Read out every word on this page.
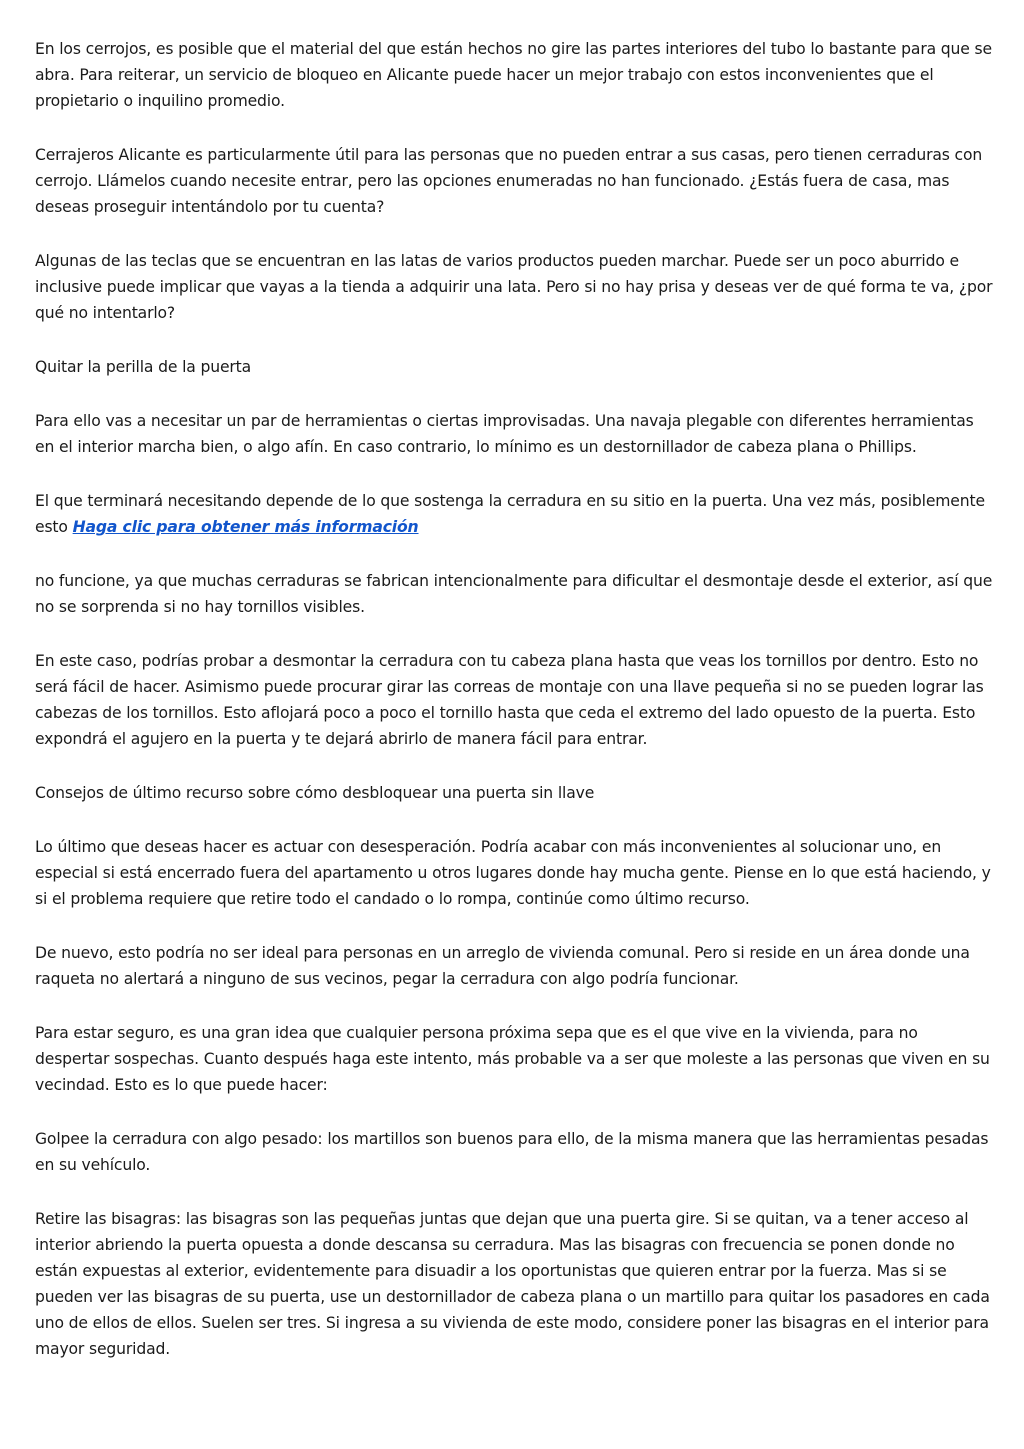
En los cerrojos, es posible que el material del que están hechos no gire las partes interiores del tubo lo bastante para que se abra. Para reiterar, un servicio de bloqueo en Alicante puede hacer un mejor trabajo con estos inconvenientes que el propietario o inquilino promedio.

Cerrajeros Alicante es particularmente útil para las personas que no pueden entrar a sus casas, pero tienen cerraduras con cerrojo. Llámelos cuando necesite entrar, pero las opciones enumeradas no han funcionado. ¿Estás fuera de casa, mas deseas proseguir intentándolo por tu cuenta?

Algunas de las teclas que se encuentran en las latas de varios productos pueden marchar. Puede ser un poco aburrido e inclusive puede implicar que vayas a la tienda a adquirir una lata. Pero si no hay prisa y deseas ver de qué forma te va, ¿por qué no intentarlo?

Quitar la perilla de la puerta

Para ello vas a necesitar un par de herramientas o ciertas improvisadas. Una navaja plegable con diferentes herramientas en el interior marcha bien, o algo afín. En caso contrario, lo mínimo es un destornillador de cabeza plana o Phillips.

El que terminará necesitando depende de lo que sostenga la cerradura en su sitio en la puerta. Una vez más, posiblemente esto Haga clic para obtener más información

no funcione, ya que muchas cerraduras se fabrican intencionalmente para dificultar el desmontaje desde el exterior, así que no se sorprenda si no hay tornillos visibles.

En este caso, podrías probar a desmontar la cerradura con tu cabeza plana hasta que veas los tornillos por dentro. Esto no será fácil de hacer. Asimismo puede procurar girar las correas de montaje con una llave pequeña si no se pueden lograr las cabezas de los tornillos. Esto aflojará poco a poco el tornillo hasta que ceda el extremo del lado opuesto de la puerta. Esto expondrá el agujero en la puerta y te dejará abrirlo de manera fácil para entrar.

Consejos de último recurso sobre cómo desbloquear una puerta sin llave

Lo último que deseas hacer es actuar con desesperación. Podría acabar con más inconvenientes al solucionar uno, en especial si está encerrado fuera del apartamento u otros lugares donde hay mucha gente. Piense en lo que está haciendo, y si el problema requiere que retire todo el candado o lo rompa, continúe como último recurso.

De nuevo, esto podría no ser ideal para personas en un arreglo de vivienda comunal. Pero si reside en un área donde una raqueta no alertará a ninguno de sus vecinos, pegar la cerradura con algo podría funcionar.

Para estar seguro, es una gran idea que cualquier persona próxima sepa que es el que vive en la vivienda, para no despertar sospechas. Cuanto después haga este intento, más probable va a ser que moleste a las personas que viven en su vecindad. Esto es lo que puede hacer:

Golpee la cerradura con algo pesado: los martillos son buenos para ello, de la misma manera que las herramientas pesadas en su vehículo.

Retire las bisagras: las bisagras son las pequeñas juntas que dejan que una puerta gire. Si se quitan, va a tener acceso al interior abriendo la puerta opuesta a donde descansa su cerradura. Mas las bisagras con frecuencia se ponen donde no están expuestas al exterior, evidentemente para disuadir a los oportunistas que quieren entrar por la fuerza. Mas si se pueden ver las bisagras de su puerta, use un destornillador de cabeza plana o un martillo para quitar los pasadores en cada uno de ellos de ellos. Suelen ser tres. Si ingresa a su vivienda de este modo, considere poner las bisagras en el interior para mayor seguridad.
